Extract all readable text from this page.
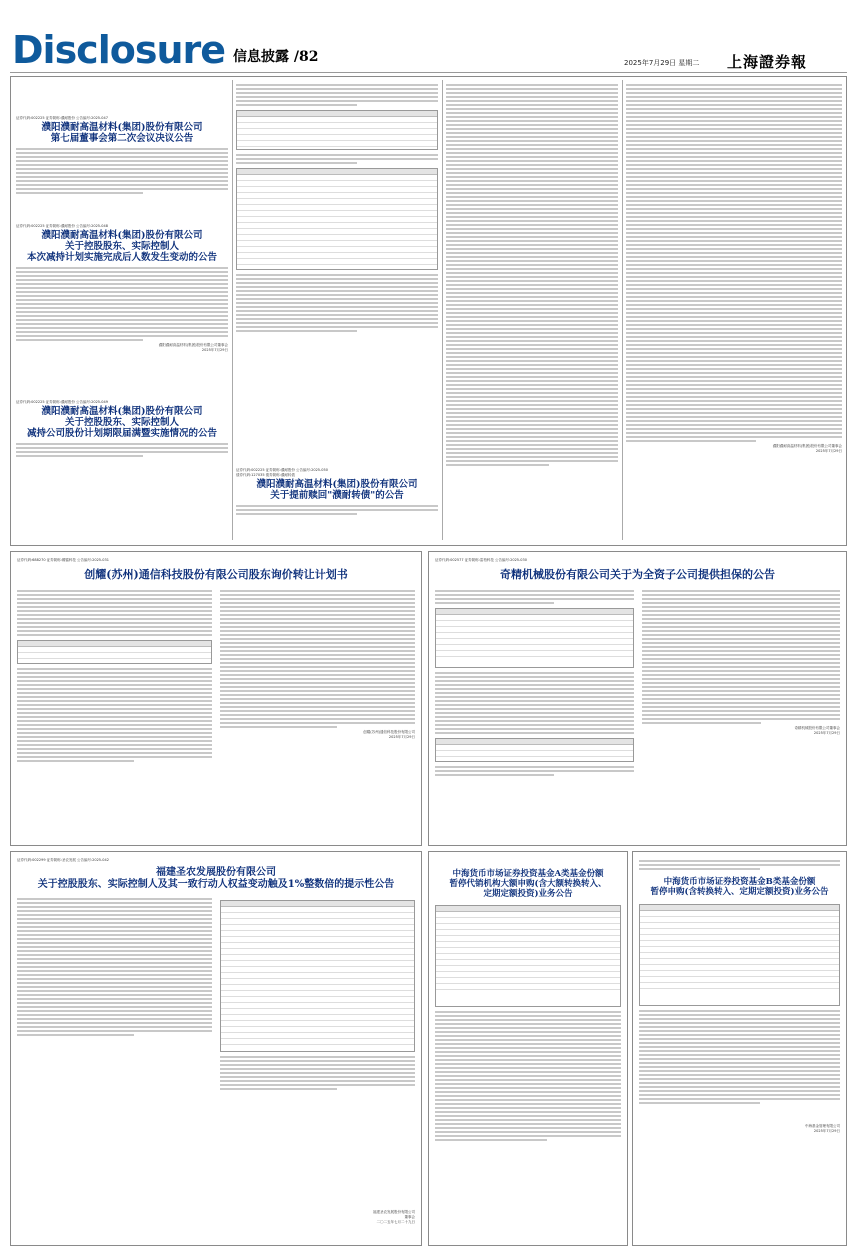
Disclosure 信息披露 /82	2025年7月29日 星期二 上海證券報
证券代码:002225 证券简称:濮耐股份 公告编号:2025-047
濮阳濮耐高温材料(集团)股份有限公司
第七届董事会第二次会议决议公告
证券代码:002225 证券简称:濮耐股份 公告编号:2025-048
濮阳濮耐高温材料(集团)股份有限公司
关于控股股东、实际控制人
本次减持计划实施完成后人数发生变动的公告
濮阳濮耐高温材料(集团)股份有限公司董事会
2025年7月29日
证券代码:002225 证券简称:濮耐股份 公告编号:2025-049
濮阳濮耐高温材料(集团)股份有限公司
关于控股股东、实际控制人
减持公司股份计划期限届满暨实施情况的公告
证券代码:002225 证券简称:濮耐股份 公告编号:2025-050
债券代码:127035 债券简称:濮耐转债
濮阳濮耐高温材料(集团)股份有限公司
关于提前赎回"濮耐转债"的公告
濮阳濮耐高温材料(集团)股份有限公司董事会
2025年7月29日
证券代码:688270 证券简称:臻镭科技 公告编号:2025-031
创耀(苏州)通信科技股份有限公司股东询价转让计划书
创耀(苏州)通信科技股份有限公司
2025年7月29日
证券代码:002577 证券简称:雷柏科技 公告编号:2025-030
奇精机械股份有限公司关于为全资子公司提供担保的公告
奇精机械股份有限公司董事会
2025年7月29日
证券代码:002299 证券简称:圣农发展 公告编号:2025-042
福建圣农发展股份有限公司
关于控股股东、实际控制人及其一致行动人权益变动触及1%整数倍的提示性公告
福建圣农发展股份有限公司
董事会
二〇二五年七月二十九日
中海货币市场证券投资基金A类基金份额
暂停代销机构大额申购(含大额转换转入、
定期定额投资)业务公告
中海货币市场证券投资基金B类基金份额
暂停申购(含转换转入、定期定额投资)业务公告
中海基金管理有限公司
2025年7月29日
